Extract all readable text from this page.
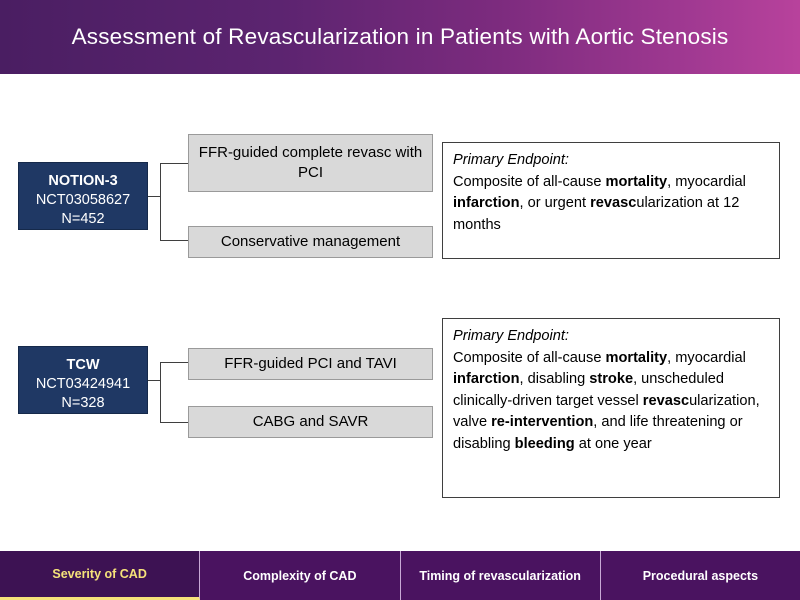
Assessment of Revascularization in Patients with Aortic Stenosis
NOTION-3
NCT03058627
N=452
FFR-guided complete revasc with PCI
Conservative management
Primary Endpoint:
Composite of all-cause mortality, myocardial infarction, or urgent revascularization at 12 months
TCW
NCT03424941
N=328
FFR-guided PCI and TAVI
CABG and SAVR
Primary Endpoint:
Composite of all-cause mortality, myocardial infarction, disabling stroke, unscheduled clinically-driven target vessel revascularization, valve re-intervention, and life threatening or disabling bleeding at one year
Severity of CAD	Complexity of CAD	Timing of revascularization	Procedural aspects
